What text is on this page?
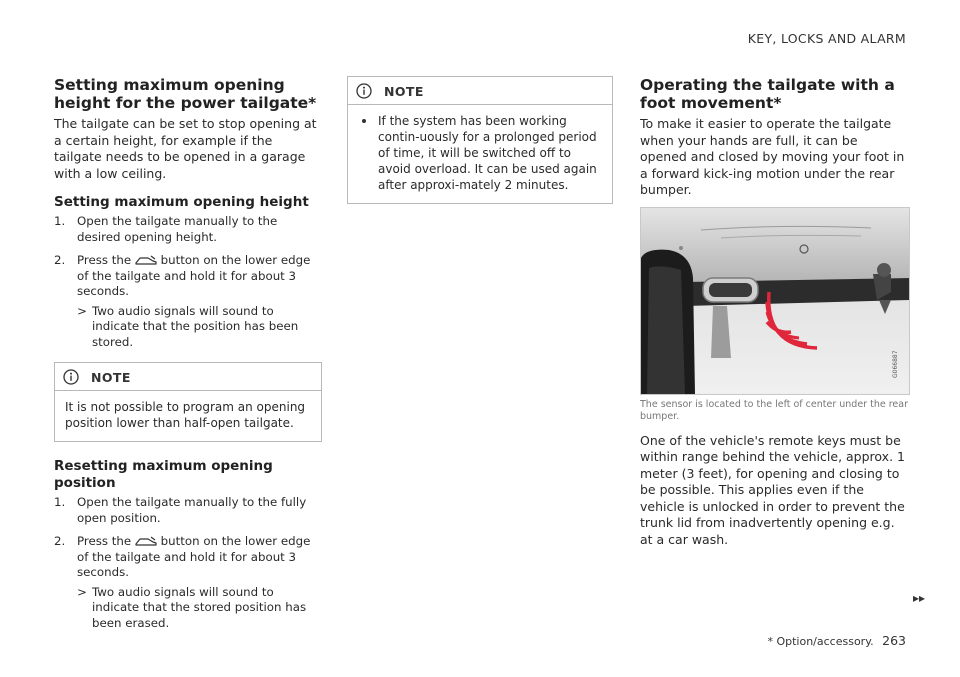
KEY, LOCKS AND ALARM
Setting maximum opening height for the power tailgate*

The tailgate can be set to stop opening at a certain height, for example if the tailgate needs to be opened in a garage with a low ceiling.

Setting maximum opening height
1. Open the tailgate manually to the desired opening height.
2. Press the	button on the lower edge of the tailgate and hold it for about 3 seconds.
> Two audio signals will sound to indicate that the position has been stored.
NOTE
It is not possible to program an opening position lower than half-open tailgate.
Resetting maximum opening position
1. Open the tailgate manually to the fully open position.
2. Press the	button on the lower edge of the tailgate and hold it for about 3 seconds.
> Two audio signals will sound to indicate that the stored position has been erased.
NOTE
If the system has been working contin-uously for a prolonged period of time, it will be switched off to avoid overload. It can be used again after approxi-mately 2 minutes.
Operating the tailgate with a foot movement*

To make it easier to operate the tailgate when your hands are full, it can be opened and closed by moving your foot in a forward kick-ing motion under the rear bumper.

G066887
The sensor is located to the left of center under the rear bumper.

One of the vehicle's remote keys must be within range behind the vehicle, approx. 1 meter (3 feet), for opening and closing to be possible. This applies even if the vehicle is unlocked in order to prevent the trunk lid from inadvertently opening e.g. at a car wash.

▸▸
* Option/accessory. 263
